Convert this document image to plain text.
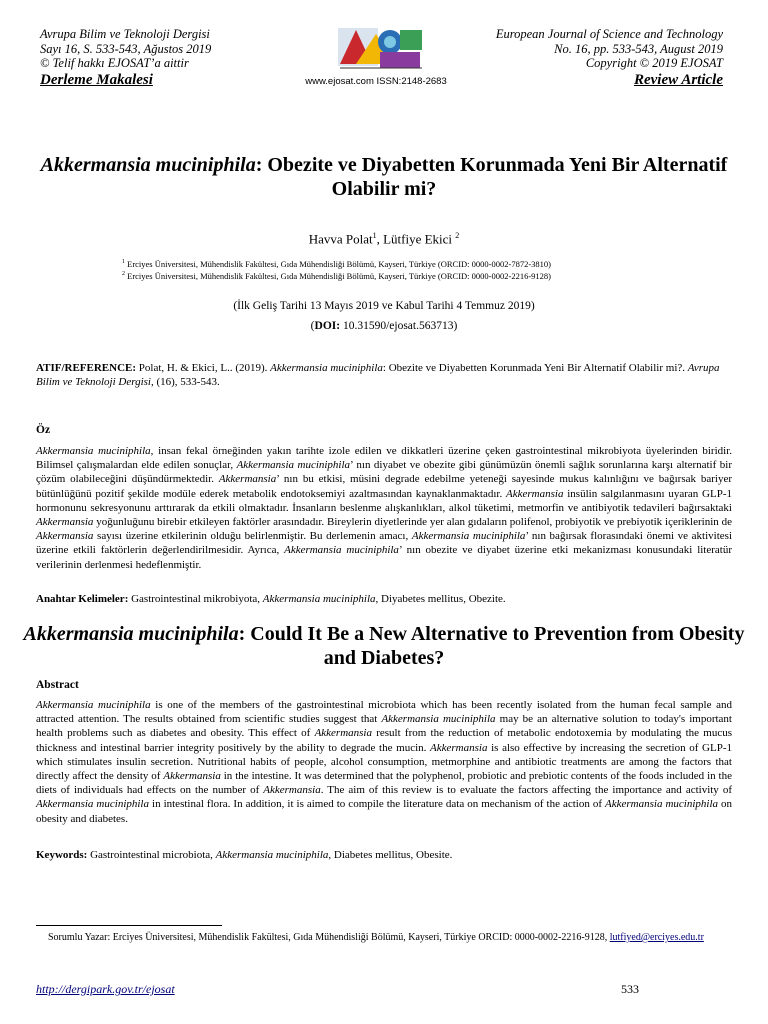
Avrupa Bilim ve Teknoloji Dergisi
Sayı 16, S. 533-543, Ağustos 2019
© Telif hakkı EJOSAT’a aittir
Derleme Makalesi	www.ejosat.com ISSN:2148-2683
European Journal of Science and Technology
No. 16, pp. 533-543, August 2019
Copyright © 2019 EJOSAT
Review Article
Akkermansia muciniphila: Obezite ve Diyabetten Korunmada Yeni Bir Alternatif Olabilir mi?
Havva Polat$^1$, Lütfiye Ekici $^2$
$^1$ Erciyes Üniversitesi, Mühendislik Fakültesi, Gıda Mühendisliği Bölümü, Kayseri, Türkiye (ORCID: 0000-0002-7872-3810)
$^2$ Erciyes Üniversitesi, Mühendislik Fakültesi, Gıda Mühendisliği Bölümü, Kayseri, Türkiye (ORCID: 0000-0002-2216-9128)
(İlk Geliş Tarihi 13 Mayıs 2019 ve Kabul Tarihi 4 Temmuz 2019)
(DOI: 10.31590/ejosat.563713)
ATIF/REFERENCE: Polat, H. & Ekici, L.. (2019). Akkermansia muciniphila: Obezite ve Diyabetten Korunmada Yeni Bir Alternatif Olabilir mi?. Avrupa Bilim ve Teknoloji Dergisi, (16), 533-543.
Öz
Akkermansia muciniphila, insan fekal örneğinden yakın tarihte izole edilen ve dikkatleri üzerine çeken gastrointestinal mikrobiyota üyelerinden biridir. Bilimsel çalışmalardan elde edilen sonuçlar, Akkermansia muciniphila’ nın diyabet ve obezite gibi günümüzün önemli sağlık sorunlarına karşı alternatif bir çözüm olabileceğini düşündürmektedir. Akkermansia’ nın bu etkisi, müsini degrade edebilme yeteneği sayesinde mukus kalınlığını ve bağırsak bariyer bütünlüğünü pozitif şekilde modüle ederek metabolik endotoksemiyi azaltmasından kaynaklanmaktadır. Akkermansia insülin salgılanmasını uyaran GLP-1 hormonunu sekresyonunu arttırarak da etkili olmaktadır. İnsanların beslenme alışkanlıkları, alkol tüketimi, metmorfin ve antibiyotik tedavileri bağırsaktaki Akkermansia yoğunluğunu birebir etkileyen faktörler arasındadır. Bireylerin diyetlerinde yer alan gıdaların polifenol, probiyotik ve prebiyotik içeriklerinin de Akkermansia sayısı üzerine etkilerinin olduğu belirlenmiştir. Bu derlemenin amacı, Akkermansia muciniphila’ nın bağırsak florasındaki önemi ve aktivitesi üzerine etkili faktörlerin değerlendirilmesidir. Ayrıca, Akkermansia muciniphila’ nın obezite ve diyabet üzerine etki mekanizması konusundaki literatür verilerinin derlenmesi hedeflenmiştir.
Anahtar Kelimeler: Gastrointestinal mikrobiyota, Akkermansia muciniphila, Diyabetes mellitus, Obezite.
Akkermansia muciniphila: Could It Be a New Alternative to Prevention from Obesity and Diabetes?
Abstract
Akkermansia muciniphila is one of the members of the gastrointestinal microbiota which has been recently isolated from the human fecal sample and attracted attention. The results obtained from scientific studies suggest that Akkermansia muciniphila may be an alternative solution to today's important health problems such as diabetes and obesity. This effect of Akkermansia result from the reduction of metabolic endotoxemia by modulating the mucus thickness and intestinal barrier integrity positively by the ability to degrade the mucin. Akkermansia is also effective by increasing the secretion of GLP-1 which stimulates insulin secretion. Nutritional habits of people, alcohol consumption, metmorphine and antibiotic treatments are among the factors that directly affect the density of Akkermansia in the intestine. It was determined that the polyphenol, probiotic and prebiotic contents of the foods included in the diets of individuals had effects on the number of Akkermansia. The aim of this review is to evaluate the factors affecting the importance and activity of Akkermansia muciniphila in intestinal flora. In addition, it is aimed to compile the literature data on mechanism of the action of Akkermansia muciniphila on obesity and diabetes.
Keywords: Gastrointestinal microbiota, Akkermansia muciniphila, Diabetes mellitus, Obesite.
Sorumlu Yazar: Erciyes Üniversitesi, Mühendislik Fakültesi, Gıda Mühendisliği Bölümü, Kayseri, Türkiye ORCID: 0000-0002-2216-9128, lutfiyed@erciyes.edu.tr
http://dergipark.gov.tr/ejosat	533
